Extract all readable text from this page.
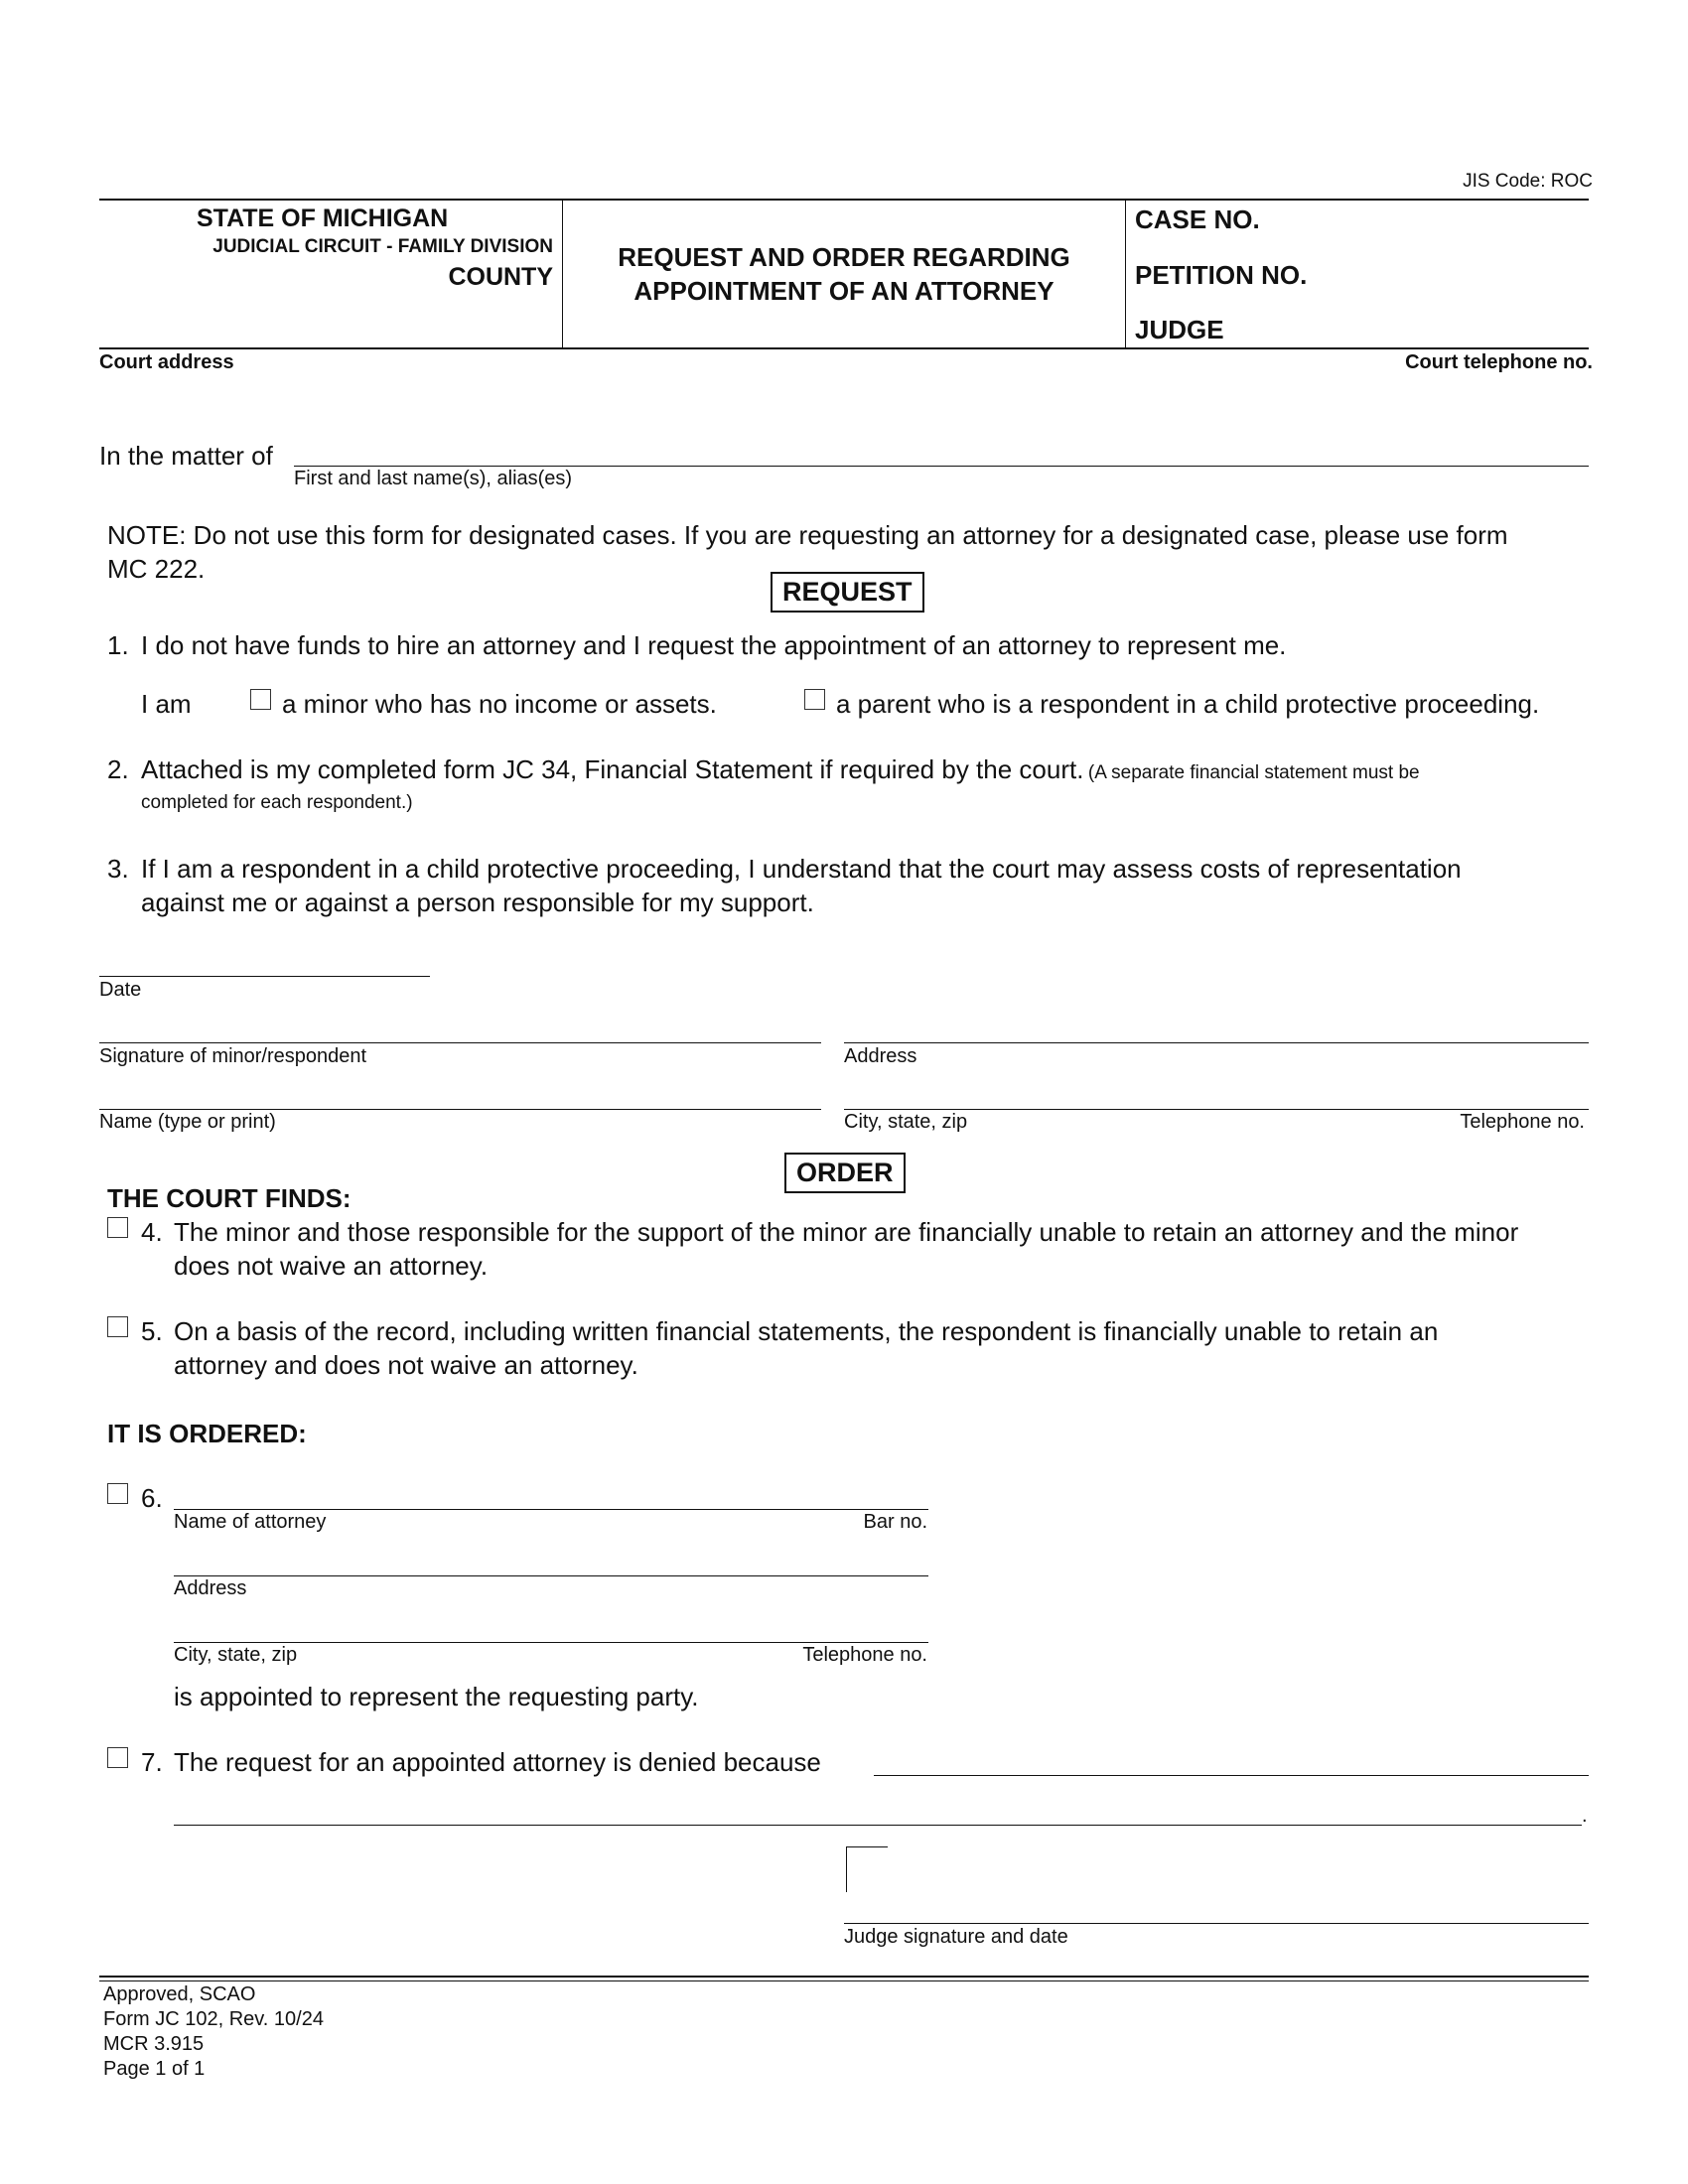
JIS Code: ROC
STATE OF MICHIGAN
JUDICIAL CIRCUIT - FAMILY DIVISION
COUNTY
REQUEST AND ORDER REGARDING
APPOINTMENT OF AN ATTORNEY
CASE NO.
PETITION NO.
JUDGE
Court address	Court telephone no.
In the matter of
First and last name(s), alias(es)
NOTE: Do not use this form for designated cases. If you are requesting an attorney for a designated case, please use form
MC 222.
REQUEST
1. I do not have funds to hire an attorney and I request the appointment of an attorney to represent me.
I am	a minor who has no income or assets.	a parent who is a respondent in a child protective proceeding.
2. Attached is my completed form JC 34, Financial Statement if required by the court. (A separate financial statement must be
completed for each respondent.)
3. If I am a respondent in a child protective proceeding, I understand that the court may assess costs of representation
against me or against a person responsible for my support.
Date
Signature of minor/respondent	Address
Name (type or print)	City, state, zip	Telephone no.
ORDER
THE COURT FINDS:
4. The minor and those responsible for the support of the minor are financially unable to retain an attorney and the minor
does not waive an attorney.
5. On a basis of the record, including written financial statements, the respondent is financially unable to retain an
attorney and does not waive an attorney.
IT IS ORDERED:
6.
Name of attorney	Bar no.
Address
City, state, zip	Telephone no.
is appointed to represent the requesting party.
7. The request for an appointed attorney is denied because
.
Judge signature and date
Approved, SCAO
Form JC 102, Rev. 10/24
MCR 3.915
Page 1 of 1
